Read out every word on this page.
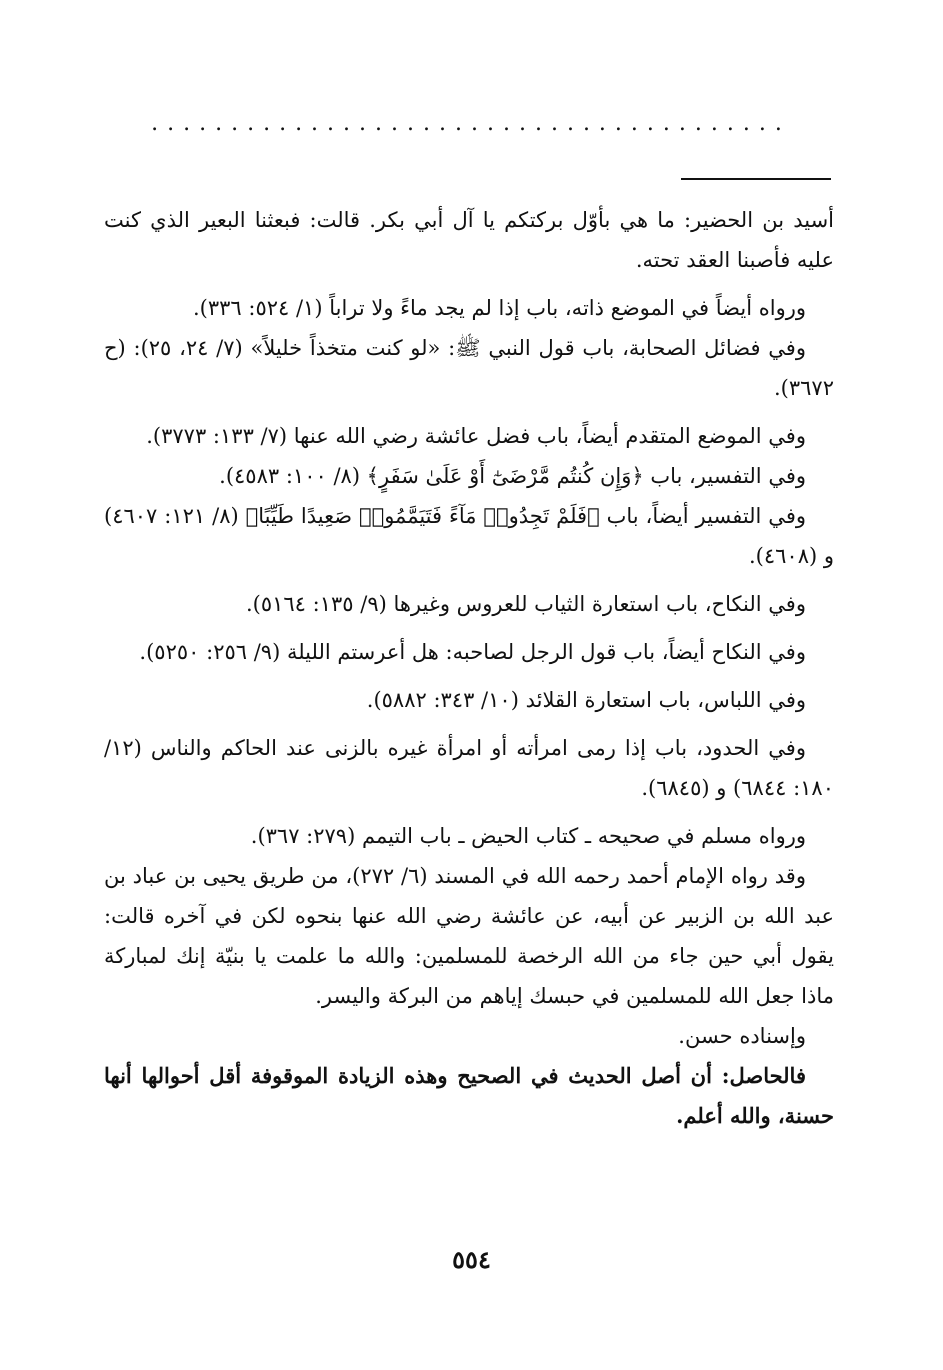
........................................

أسيد بن الحضير: ما هي بأوّل بركتكم يا آل أبي بكر. قالت: فبعثنا البعير الذي كنت عليه فأصبنا العقد تحته.

ورواه أيضاً في الموضع ذاته، باب إذا لم يجد ماءً ولا تراباً (١/ ٥٢٤: ٣٣٦).

وفي فضائل الصحابة، باب قول النبي ﷺ: «لو كنت متخذاً خليلاً» (٧/ ٢٤، ٢٥): (ح ٣٦٧٢).

وفي الموضع المتقدم أيضاً، باب فضل عائشة رضي الله عنها (٧/ ١٣٣: ٣٧٧٣).

وفي التفسير، باب ﴿وَإِن كُنتُم مَّرْضَىٰٓ أَوْ عَلَىٰ سَفَرٍ﴾ (٨/ ١٠٠: ٤٥٨٣).

وفي التفسير أيضاً، باب ﴿فَلَمْ تَجِدُوا۟ مَآءً فَتَيَمَّمُوا۟ صَعِيدًا طَيِّبًا﴾ (٨/ ١٢١: ٤٦٠٧) و (٤٦٠٨).

وفي النكاح، باب استعارة الثياب للعروس وغيرها (٩/ ١٣٥: ٥١٦٤).

وفي النكاح أيضاً، باب قول الرجل لصاحبه: هل أعرستم الليلة (٩/ ٢٥٦: ٥٢٥٠).

وفي اللباس، باب استعارة القلائد (١٠/ ٣٤٣: ٥٨٨٢).

وفي الحدود، باب إذا رمى امرأته أو امرأة غيره بالزنى عند الحاكم والناس (١٢/ ١٨٠: ٦٨٤٤) و (٦٨٤٥).

ورواه مسلم في صحيحه ـ كتاب الحيض ـ باب التيمم (٢٧٩: ٣٦٧).

وقد رواه الإمام أحمد رحمه الله في المسند (٦/ ٢٧٢)، من طريق يحيى بن عباد بن عبد الله بن الزبير عن أبيه، عن عائشة رضي الله عنها بنحوه لكن في آخره قالت: يقول أبي حين جاء من الله الرخصة للمسلمين: والله ما علمت يا بنيّة إنك لمباركة ماذا جعل الله للمسلمين في حبسك إياهم من البركة واليسر.

وإسناده حسن.

فالحاصل: أن أصل الحديث في الصحيح وهذه الزيادة الموقوفة أقل أحوالها أنها حسنة، والله أعلم.

٥٥٤
